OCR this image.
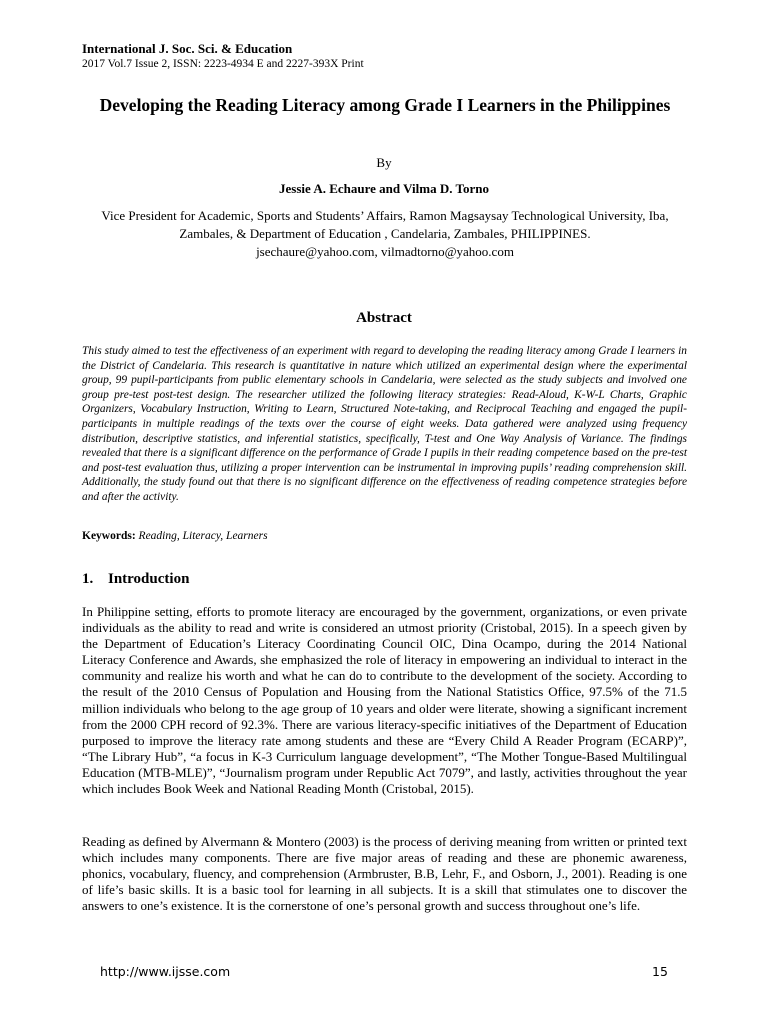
International J. Soc. Sci. & Education
2017 Vol.7 Issue 2, ISSN: 2223-4934 E and 2227-393X Print
Developing the Reading Literacy among Grade I Learners in the Philippines
By
Jessie A. Echaure and Vilma D. Torno
Vice President for Academic, Sports and Students’ Affairs, Ramon Magsaysay Technological University, Iba, Zambales, & Department of Education , Candelaria, Zambales, PHILIPPINES.
jsechaure@yahoo.com, vilmadtorno@yahoo.com
Abstract
This study aimed to test the effectiveness of an experiment with regard to developing the reading literacy among Grade I learners in the District of Candelaria. This research is quantitative in nature which utilized an experimental design where the experimental group, 99 pupil-participants from public elementary schools in Candelaria, were selected as the study subjects and involved one group pre-test post-test design. The researcher utilized the following literacy strategies: Read-Aloud, K-W-L Charts, Graphic Organizers, Vocabulary Instruction, Writing to Learn, Structured Note-taking, and Reciprocal Teaching and engaged the pupil-participants in multiple readings of the texts over the course of eight weeks. Data gathered were analyzed using frequency distribution, descriptive statistics, and inferential statistics, specifically, T-test and One Way Analysis of Variance. The findings revealed that there is a significant difference on the performance of Grade I pupils in their reading competence based on the pre-test and post-test evaluation thus, utilizing a proper intervention can be instrumental in improving pupils’ reading comprehension skill. Additionally, the study found out that there is no significant difference on the effectiveness of reading competence strategies before and after the activity.
Keywords: Reading, Literacy, Learners
1. Introduction
In Philippine setting, efforts to promote literacy are encouraged by the government, organizations, or even private individuals as the ability to read and write is considered an utmost priority (Cristobal, 2015). In a speech given by the Department of Education’s Literacy Coordinating Council OIC, Dina Ocampo, during the 2014 National Literacy Conference and Awards, she emphasized the role of literacy in empowering an individual to interact in the community and realize his worth and what he can do to contribute to the development of the society. According to the result of the 2010 Census of Population and Housing from the National Statistics Office, 97.5% of the 71.5 million individuals who belong to the age group of 10 years and older were literate, showing a significant increment from the 2000 CPH record of 92.3%. There are various literacy-specific initiatives of the Department of Education purposed to improve the literacy rate among students and these are “Every Child A Reader Program (ECARP)”, “The Library Hub”, “a focus in K-3 Curriculum language development”, “The Mother Tongue-Based Multilingual Education (MTB-MLE)”, “Journalism program under Republic Act 7079”, and lastly, activities throughout the year which includes Book Week and National Reading Month (Cristobal, 2015).
Reading as defined by Alvermann & Montero (2003) is the process of deriving meaning from written or printed text which includes many components. There are five major areas of reading and these are phonemic awareness, phonics, vocabulary, fluency, and comprehension (Armbruster, B.B, Lehr, F., and Osborn, J., 2001). Reading is one of life’s basic skills. It is a basic tool for learning in all subjects. It is a skill that stimulates one to discover the answers to one’s existence. It is the cornerstone of one’s personal growth and success throughout one’s life.
http://www.ijsse.com	15
